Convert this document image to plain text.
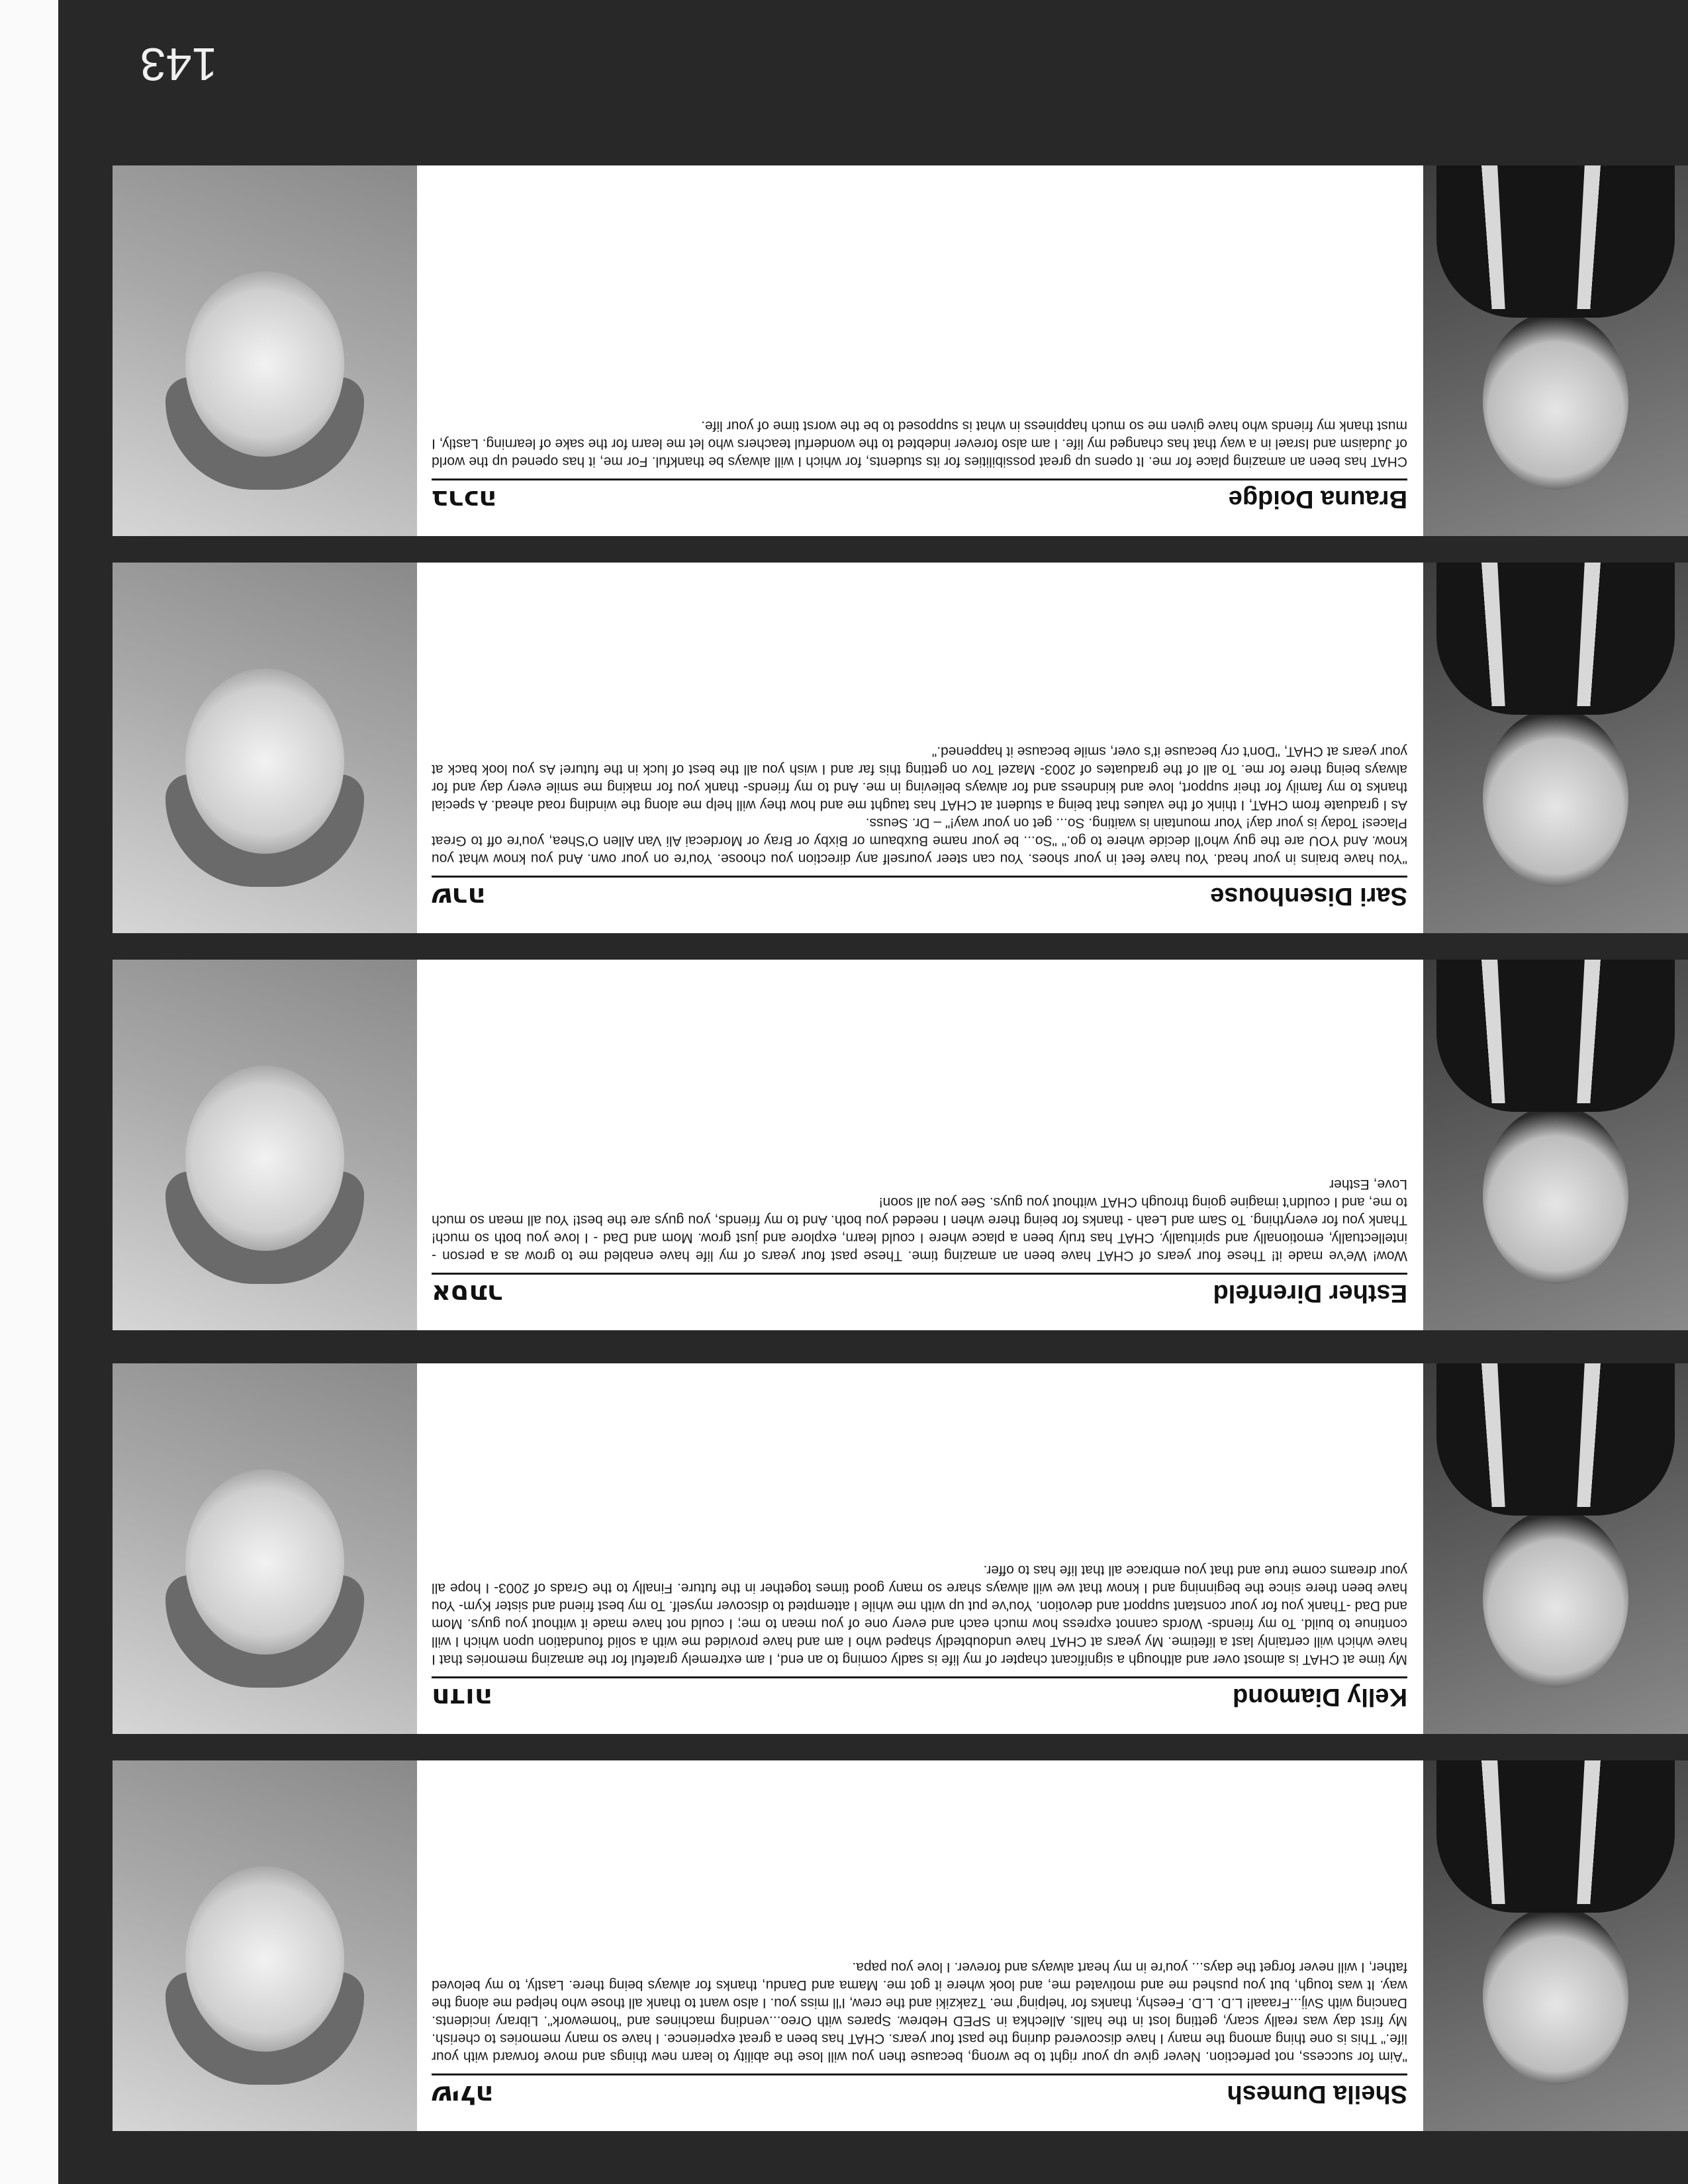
143
Kelly Diamond
חדוה
My time at CHAT is almost over and although a significant chapter of my life is sadly coming to an end, I am extremely grateful for the amazing memories that I have which will certainly last a lifetime. My years at CHAT have undoubtedly shaped who I am and have provided me with a solid foundation upon which I will continue to build. To my friends- Words cannot express how much each and every one of you mean to me; I could not have made it without you guys. Mom and Dad -Thank you for your constant support and devotion. You've put up with me while I attempted to discover myself. To my best friend and sister Kym- You have been there since the beginning and I know that we will always share so many good times together in the future. Finally to the Grads of 2003- I hope all your dreams come true and that you embrace all that life has to offer.
Esther Direnfeld
אסתר
Wow! We've made it! These four years of CHAT have been an amazing time. These past four years of my life have enabled me to grow as a person - intellectually, emotionally and spiritually. CHAT has truly been a place where I could learn, explore and just grow. Mom and Dad - I love you both so much! Thank you for everything. To Sam and Leah - thanks for being there when I needed you both. And to my friends, you guys are the best! You all mean so much to me, and I couldn't imagine going through CHAT without you guys. See you all soon!
Love, Esther
Sari Disenhouse
שרה
"You have brains in your head. You have feet in your shoes. You can steer yourself any direction you choose. You're on your own. And you know what you know. And YOU are the guy who'll decide where to go." "So... be your name Buxbaum or Bixby or Bray or Mordecai Ali Van Allen O'Shea, you're off to Great Places! Today is your day! Your mountain is waiting. So... get on your way!" – Dr. Seuss.
As I graduate from CHAT, I think of the values that being a student at CHAT has taught me and how they will help me along the winding road ahead. A special thanks to my family for their support, love and kindness and for always believing in me. And to my friends- thank you for making me smile every day and for always being there for me. To all of the graduates of 2003- Mazel Tov on getting this far and I wish you all the best of luck in the future! As you look back at your years at CHAT, "Don't cry because it's over, smile because it happened."
Brauna Doidge
ברכה
CHAT has been an amazing place for me. It opens up great possibilities for its students, for which I will always be thankful. For me, it has opened up the world of Judaism and Israel in a way that has changed my life. I am also forever indebted to the wonderful teachers who let me learn for the sake of learning. Lastly, I must thank my friends who have given me so much happiness in what is supposed to be the worst time of your life.
Sheila Dumesh
שילה
"Aim for success, not perfection. Never give up your right to be wrong, because then you will lose the ability to learn new things and move forward with your life." This is one thing among the many I have discovered during the past four years. CHAT has been a great experience. I have so many memories to cherish. My first day was really scary, getting lost in the halls. Allechka in SPED Hebrew. Spares with Oreo...vending machines and "homework". Library incidents. Dancing with Svij...Fraaal! L.D. L.D. Feeshy, thanks for 'helping' me. Tzakziki and the crew, I'll miss you. I also want to thank all those who helped me along the way. It was tough, but you pushed me and motivated me, and look where it got me. Mama and Dandu, thanks for always being there. Lastly, to my beloved father, I will never forget the days... you're in my heart always and forever. I love you papa.
